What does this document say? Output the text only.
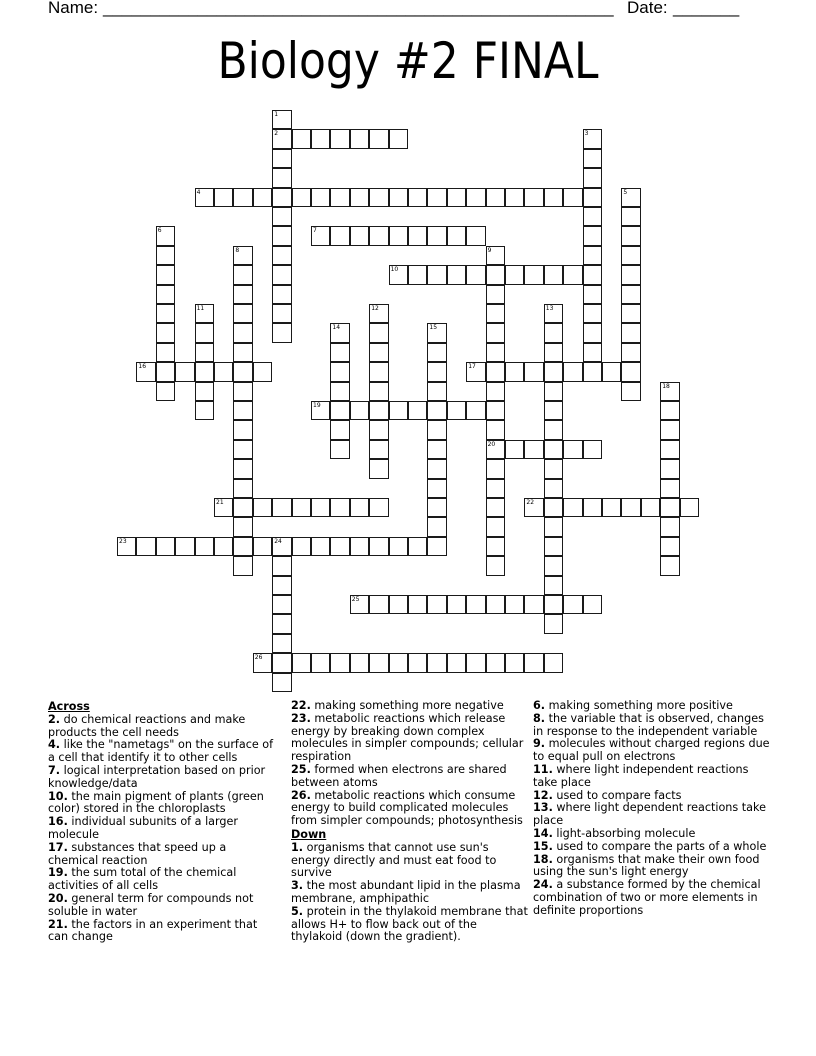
Name: ______________________________________________________ Date: _______
Biology #2 FINAL
1
2	3
4	5
6	7
8	9
20
10
11	12	13
14	15
16	17
18
19
21	22
23	24
25
26
Across
2. do chemical reactions and make products the cell needs
4. like the "nametags" on the surface of a cell that identify it to other cells
7. logical interpretation based on prior knowledge/data
10. the main pigment of plants (green color) stored in the chloroplasts
16. individual subunits of a larger molecule
17. substances that speed up a chemical reaction
19. the sum total of the chemical activities of all cells
20. general term for compounds not soluble in water
21. the factors in an experiment that can change
22. making something more negative
23. metabolic reactions which release energy by breaking down complex molecules in simpler compounds; cellular respiration
25. formed when electrons are shared between atoms
26. metabolic reactions which consume energy to build complicated molecules from simpler compounds; photosynthesis
Down
1. organisms that cannot use sun's energy directly and must eat food to survive
3. the most abundant lipid in the plasma membrane, amphipathic
5. protein in the thylakoid membrane that allows H+ to flow back out of the thylakoid (down the gradient).
6. making something more positive
8. the variable that is observed, changes in response to the independent variable
9. molecules without charged regions due to equal pull on electrons
11. where light independent reactions take place
12. used to compare facts
13. where light dependent reactions take place
14. light-absorbing molecule
15. used to compare the parts of a whole
18. organisms that make their own food using the sun's light energy
24. a substance formed by the chemical combination of two or more elements in definite proportions
